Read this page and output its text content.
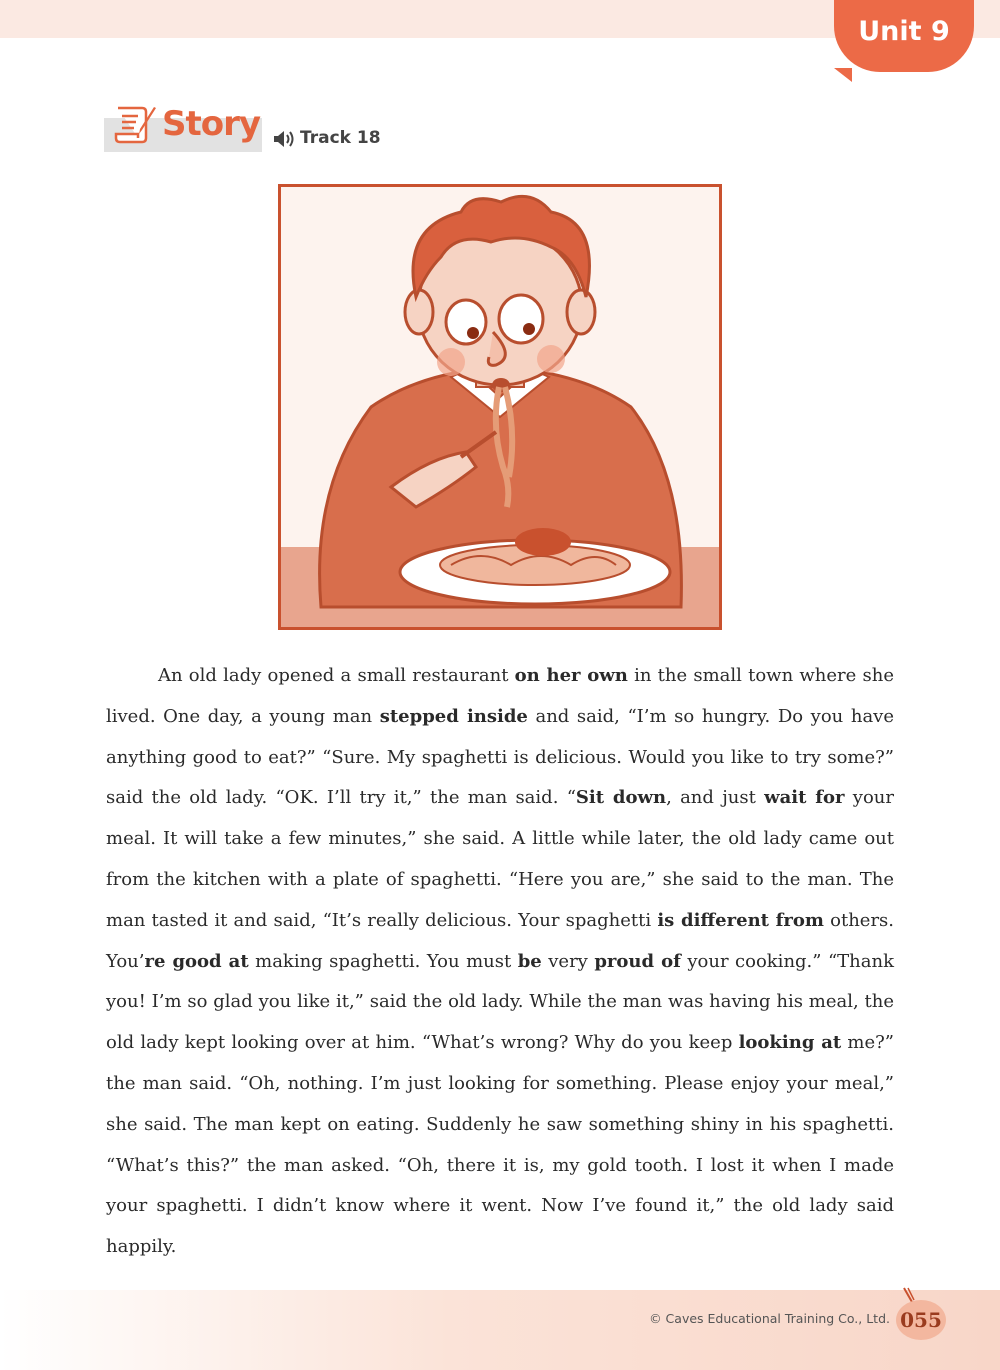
Unit 9
Story Track 18

An old lady opened a small restaurant on her own in the small town where she lived. One day, a young man stepped inside and said, “I’m so hungry. Do you have anything good to eat?” “Sure. My spaghetti is delicious. Would you like to try some?” said the old lady. “OK. I’ll try it,” the man said. “Sit down, and just wait for your meal. It will take a few minutes,” she said. A little while later, the old lady came out from the kitchen with a plate of spaghetti. “Here you are,” she said to the man. The man tasted it and said, “It’s really delicious. Your spaghetti is different from others. You’re good at making spaghetti. You must be very proud of your cooking.” “Thank you! I’m so glad you like it,” said the old lady. While the man was having his meal, the old lady kept looking over at him. “What’s wrong? Why do you keep looking at me?” the man said. “Oh, nothing. I’m just looking for something. Please enjoy your meal,” she said. The man kept on eating. Suddenly he saw something shiny in his spaghetti. “What’s this?” the man asked. “Oh, there it is, my gold tooth. I lost it when I made your spaghetti. I didn’t know where it went. Now I’ve found it,” the old lady said happily.

© Caves Educational Training Co., Ltd. 055
